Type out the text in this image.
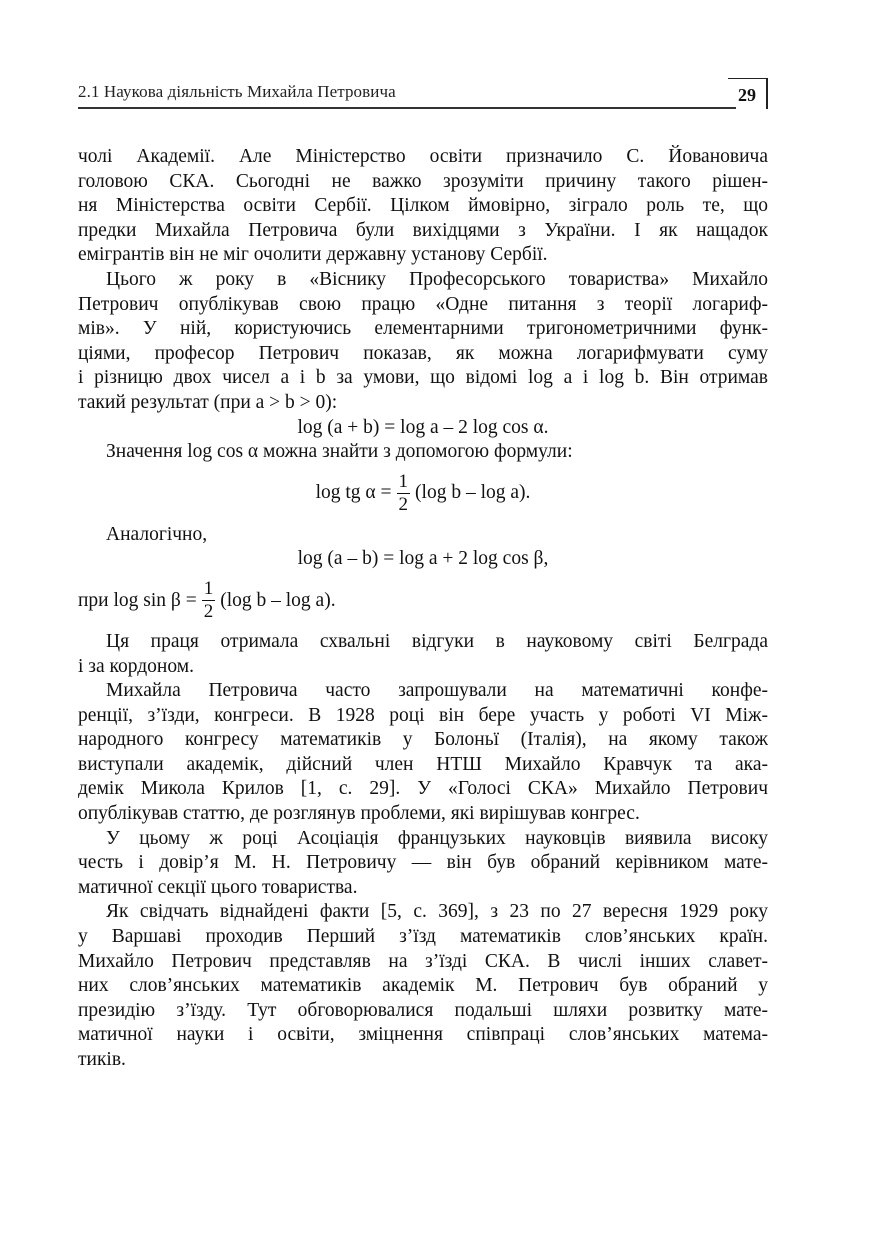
2.1 Наукова діяльність Михайла Петровича	29
чолі Академії. Але Міністерство освіти призначило С. Йовановича
головою СКА. Сьогодні не важко зрозуміти причину такого рішен-
ня Міністерства освіти Сербії. Цілком ймовірно, зіграло роль те, що
предки Михайла Петровича були вихідцями з України. І як нащадок
емігрантів він не міг очолити державну установу Сербії.
Цього ж року в «Віснику Професорського товариства» Михайло
Петрович опублікував свою працю «Одне питання з теорії логариф-
мів». У ній, користуючись елементарними тригонометричними функ-
ціями, професор Петрович показав, як можна логарифмувати суму
і різницю двох чисел a і b за умови, що відомі log a і log b. Він отримав
такий результат (при a > b > 0):
log (a + b) = log a – 2 log cos α.
Значення log cos α можна знайти з допомогою формули:
log tg $\alpha = \frac{1}{2} (\log$ b – log a).
Аналогічно,
log (a – b) = log a + 2 log cos β,
при $\log \sin \beta = \frac{1}{2} (\log$ b – log a).
Ця праця отримала схвальні відгуки в науковому світі Белграда
і за кордоном.
Михайла Петровича часто запрошували на математичні конфе-
ренції, з’їзди, конгреси. В 1928 році він бере участь у роботі VI Між-
народного конгресу математиків у Болоньї (Італія), на якому також
виступали академік, дійсний член НТШ Михайло Кравчук та ака-
демік Микола Крилов [1, с. 29]. У «Голосі СКА» Михайло Петрович
опублікував статтю, де розглянув проблеми, які вирішував конгрес.
У цьому ж році Асоціація французьких науковців виявила високу
честь і довір’я М. Н. Петровичу — він був обраний керівником мате-
матичної секції цього товариства.
Як свідчать віднайдені факти [5, с. 369], з 23 по 27 вересня 1929 року
у Варшаві проходив Перший з’їзд математиків слов’янських країн.
Михайло Петрович представляв на з’їзді СКА. В числі інших славет-
них слов’янських математиків академік М. Петрович був обраний у
президію з’їзду. Тут обговорювалися подальші шляхи розвитку мате-
матичної науки і освіти, зміцнення співпраці слов’янських матема-
тиків.
